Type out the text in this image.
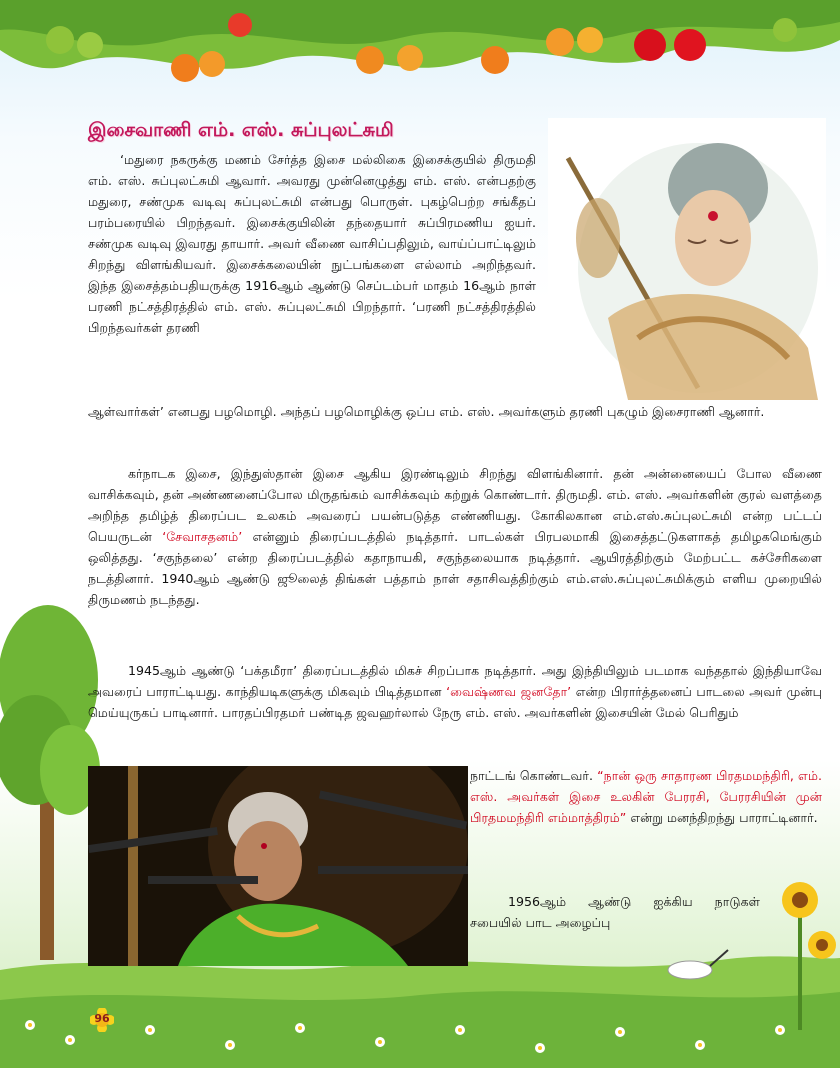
இசைவாணி எம். எஸ். சுப்புலட்சுமி

‘மதுரை நகருக்கு மணம் சேர்த்த இசை மல்லிகை இசைக்குயில் திருமதி எம். எஸ். சுப்புலட்சுமி ஆவார். அவரது முன்னெழுத்து எம். எஸ். என்பதற்கு மதுரை, சண்முக வடிவு சுப்புலட்சுமி என்பது பொருள். புகழ்பெற்ற சங்கீதப் பரம்பரையில் பிறந்தவர். இசைக்குயிலின் தந்தையார் சுப்பிரமணிய ஐயர். சண்முக வடிவு இவரது தாயார். அவர் வீணை வாசிப்பதிலும், வாய்ப்பாட்டிலும் சிறந்து விளங்கியவர். இசைக்கலையின் நுட்பங்களை எல்லாம் அறிந்தவர். இந்த இசைத்தம்பதியருக்கு 1916ஆம் ஆண்டு செப்டம்பர் மாதம் 16ஆம் நாள் பரணி நட்சத்திரத்தில் எம். எஸ். சுப்புலட்சுமி பிறந்தார். ‘பரணி நட்சத்திரத்தில் பிறந்தவர்கள் தரணி

ஆள்வார்கள்’ எனபது பழமொழி. அந்தப் பழமொழிக்கு ஒப்ப எம். எஸ். அவர்களும் தரணி புகழும் இசைராணி ஆனார்.

கர்நாடக இசை, இந்துஸ்தான் இசை ஆகிய இரண்டிலும் சிறந்து விளங்கினார். தன் அன்னையைப் போல வீணை வாசிக்கவும், தன் அண்ணனைப்போல மிருதங்கம் வாசிக்கவும் கற்றுக் கொண்டார். திருமதி. எம். எஸ். அவர்களின் குரல் வளத்தை அறிந்த தமிழ்த் திரைப்பட உலகம் அவரைப் பயன்படுத்த எண்ணியது. கோகிலகான எம்.எஸ்.சுப்புலட்சுமி என்ற பட்டப் பெயருடன் ‘சேவாசதனம்’ என்னும் திரைப்படத்தில் நடித்தார். பாடல்கள் பிரபலமாகி இசைத்தட்டுகளாகத் தமிழகமெங்கும் ஒலித்தது. ‘சகுந்தலை’ என்ற திரைப்படத்தில் கதாநாயகி, சகுந்தலையாக நடித்தார். ஆயிரத்திற்கும் மேற்பட்ட கச்சேரிகளை நடத்தினார். 1940ஆம் ஆண்டு ஜூலைத் திங்கள் பத்தாம் நாள் சதாசிவத்திற்கும் எம்.எஸ்.சுப்புலட்சுமிக்கும் எளிய முறையில் திருமணம் நடந்தது.

1945ஆம் ஆண்டு ‘பக்தமீரா’ திரைப்படத்தில் மிகச் சிறப்பாக நடித்தார். அது இந்தியிலும் படமாக வந்ததால் இந்தியாவே அவரைப் பாராட்டியது. காந்தியடிகளுக்கு மிகவும் பிடித்தமான ‘வைஷ்ணவ ஜனதோ’ என்ற பிரார்த்தனைப் பாடலை அவர் முன்பு மெய்யுருகப் பாடினார். பாரதப்பிரதமர் பண்டித ஜவஹர்லால் நேரு எம். எஸ். அவர்களின் இசையின் மேல் பெரிதும்

நாட்டங் கொண்டவர். “நான் ஒரு சாதாரண பிரதமமந்திரி, எம். எஸ். அவர்கள் இசை உலகின் பேரரசி, பேரரசியின் முன் பிரதமமந்திரி எம்மாத்திரம்” என்று மனந்திறந்து பாராட்டினார்.

1956ஆம் ஆண்டு ஐக்கிய நாடுகள் சபையில் பாட அழைப்பு

96
